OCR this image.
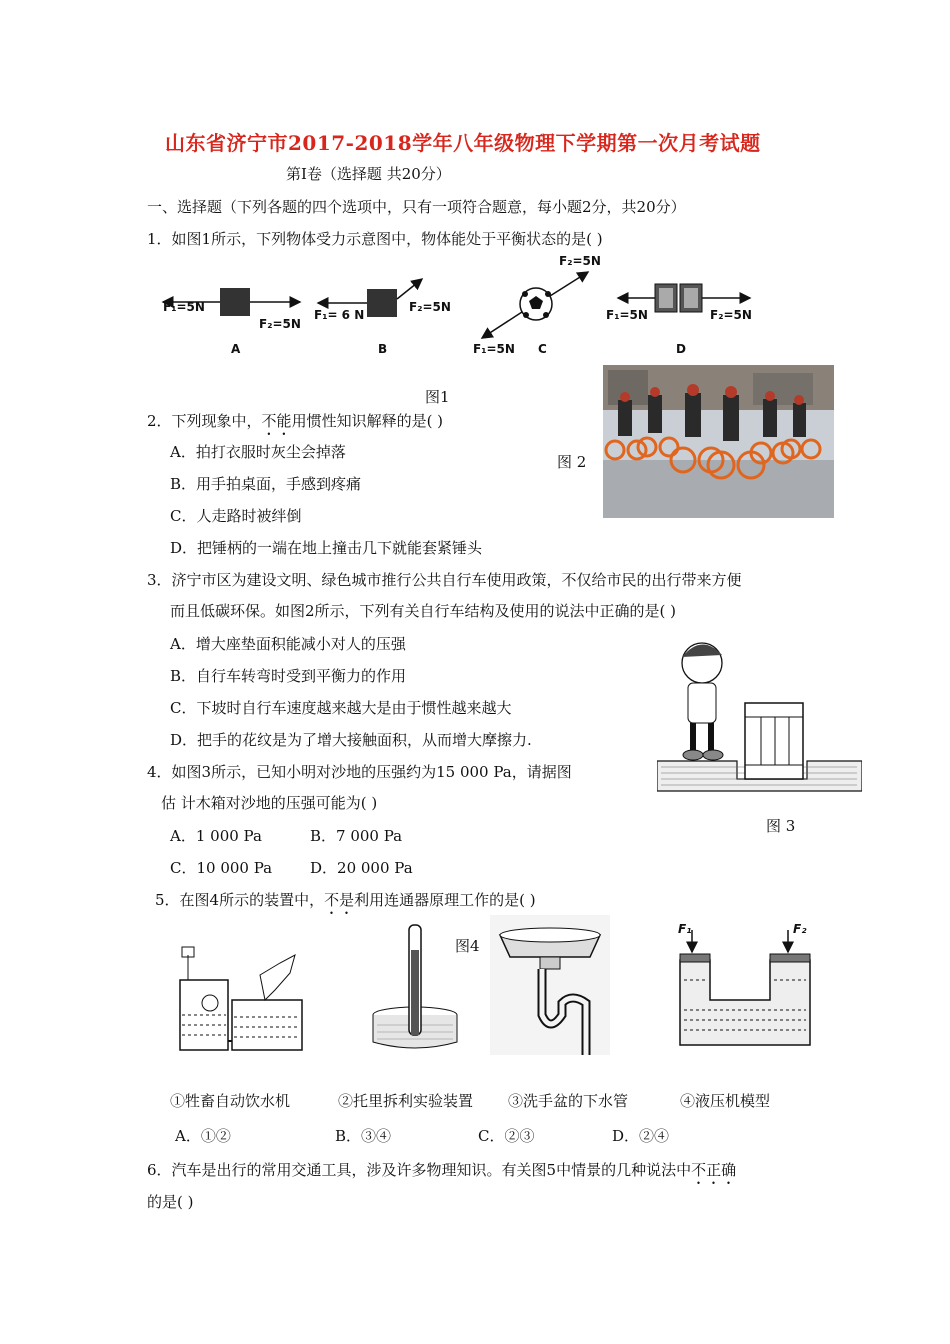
山东省济宁市2017-2018学年八年级物理下学期第一次月考试题
第I卷（选择题 共20分）
一、选择题（下列各题的四个选项中，只有一项符合题意，每小题2分，共20分）
1．如图1所示，下列物体受力示意图中，物体能处于平衡状态的是( )
F₁=5N
F₂=5N
A
F₁= 6 N
F₂=5N
B
F₂=5N
F₁=5N C
F₁=5N	F₂=5N
D
图1
图 2
2．下列现象中，不能用惯性知识解释的是( )
A．拍打衣服时灰尘会掉落
B．用手拍桌面，手感到疼痛
C．人走路时被绊倒
D．把锤柄的一端在地上撞击几下就能套紧锤头
3．济宁市区为建设文明、绿色城市推行公共自行车使用政策，不仅给市民的出行带来方便
而且低碳环保。如图2所示，下列有关自行车结构及使用的说法中正确的是( )
A．增大座垫面积能减小对人的压强
B．自行车转弯时受到平衡力的作用
C．下坡时自行车速度越来越大是由于惯性越来越大
D．把手的花纹是为了增大接触面积，从而增大摩擦力.
图 3
4．如图3所示，已知小明对沙地的压强约为15 000 Pa，请据图
估 计木箱对沙地的压强可能为( )
A．1 000 Pa	B．7 000 Pa
C．10 000 Pa	D．20 000 Pa
5．在图4所示的装置中，不是利用连通器原理工作的是( )
图4
F₁	F₂
①牲畜自动饮水机	②托里拆利实验装置 ③洗手盆的下水管	④液压机模型
A．①②	B．③④	C．②③	D．②④
6．汽车是出行的常用交通工具，涉及许多物理知识。有关图5中情景的几种说法中不正确
的是( )
